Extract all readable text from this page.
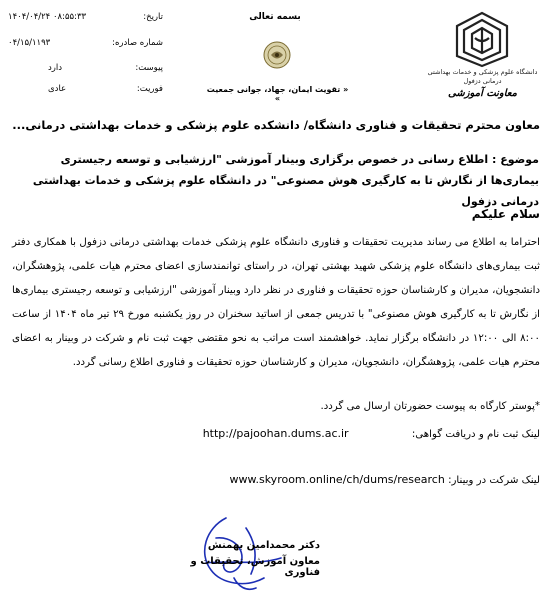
تاریخ:
۱۴۰۴/۰۴/۲۴ ۰۸:۵۵:۳۳
شماره صادره:
۰۴/۱۵/۱۱۹۳
پیوست:
دارد
فوریت:
عادی
بسمه تعالی
« تقویت ایمان، جهاد، جوانی جمعیت »
دانشگاه علوم پزشکی و خدمات بهداشتی درمانی دزفول
معاونت آموزشی
معاون محترم تحقیقات و فناوری دانشگاه/ دانشکده علوم پزشکی و خدمات بهداشتی درمانی...
موضوع : اطلاع رسانی در خصوص برگزاری وبینار آموزشی "ارزشیابی و توسعه رجیستری بیماری‌ها از نگارش تا به کارگیری هوش مصنوعی" در دانشگاه علوم پزشکی و خدمات بهداشتی درمانی دزفول
سلام علیکم
احتراما به اطلاع می رساند مدیریت تحقیقات و فناوری دانشگاه علوم پزشکی خدمات بهداشتی درمانی دزفول با همکاری دفتر ثبت بیماری‌های دانشگاه علوم پزشکی شهید بهشتی تهران، در راستای توانمندسازی اعضای محترم هیات علمی، پژوهشگران، دانشجویان، مدیران و کارشناسان حوزه تحقیقات و فناوری در نظر دارد وبینار آموزشی "ارزشیابی و توسعه رجیستری بیماری‌ها از نگارش تا به کارگیری هوش مصنوعی" با تدریس جمعی از اساتید سخنران در روز یکشنبه مورخ ۲۹ تیر ماه ۱۴۰۴ از ساعت ۸:۰۰ الی ۱۲:۰۰ در دانشگاه برگزار نماید. خواهشمند است مراتب به نحو مقتضی جهت ثبت نام و شرکت در وبینار به اعضای محترم هیات علمی، پژوهشگران، دانشجویان، مدیران و کارشناسان حوزه تحقیقات و فناوری اطلاع رسانی گردد.
*پوستر کارگاه به پیوست حضورتان ارسال می گردد.
لینک ثبت نام و دریافت گواهی: http://pajoohan.dums.ac.ir
لینک شرکت در وبینار: www.skyroom.online/ch/dums/research
دکتر محمدامین بهمنش
معاون آموزش، تحقیقات و فناوری
